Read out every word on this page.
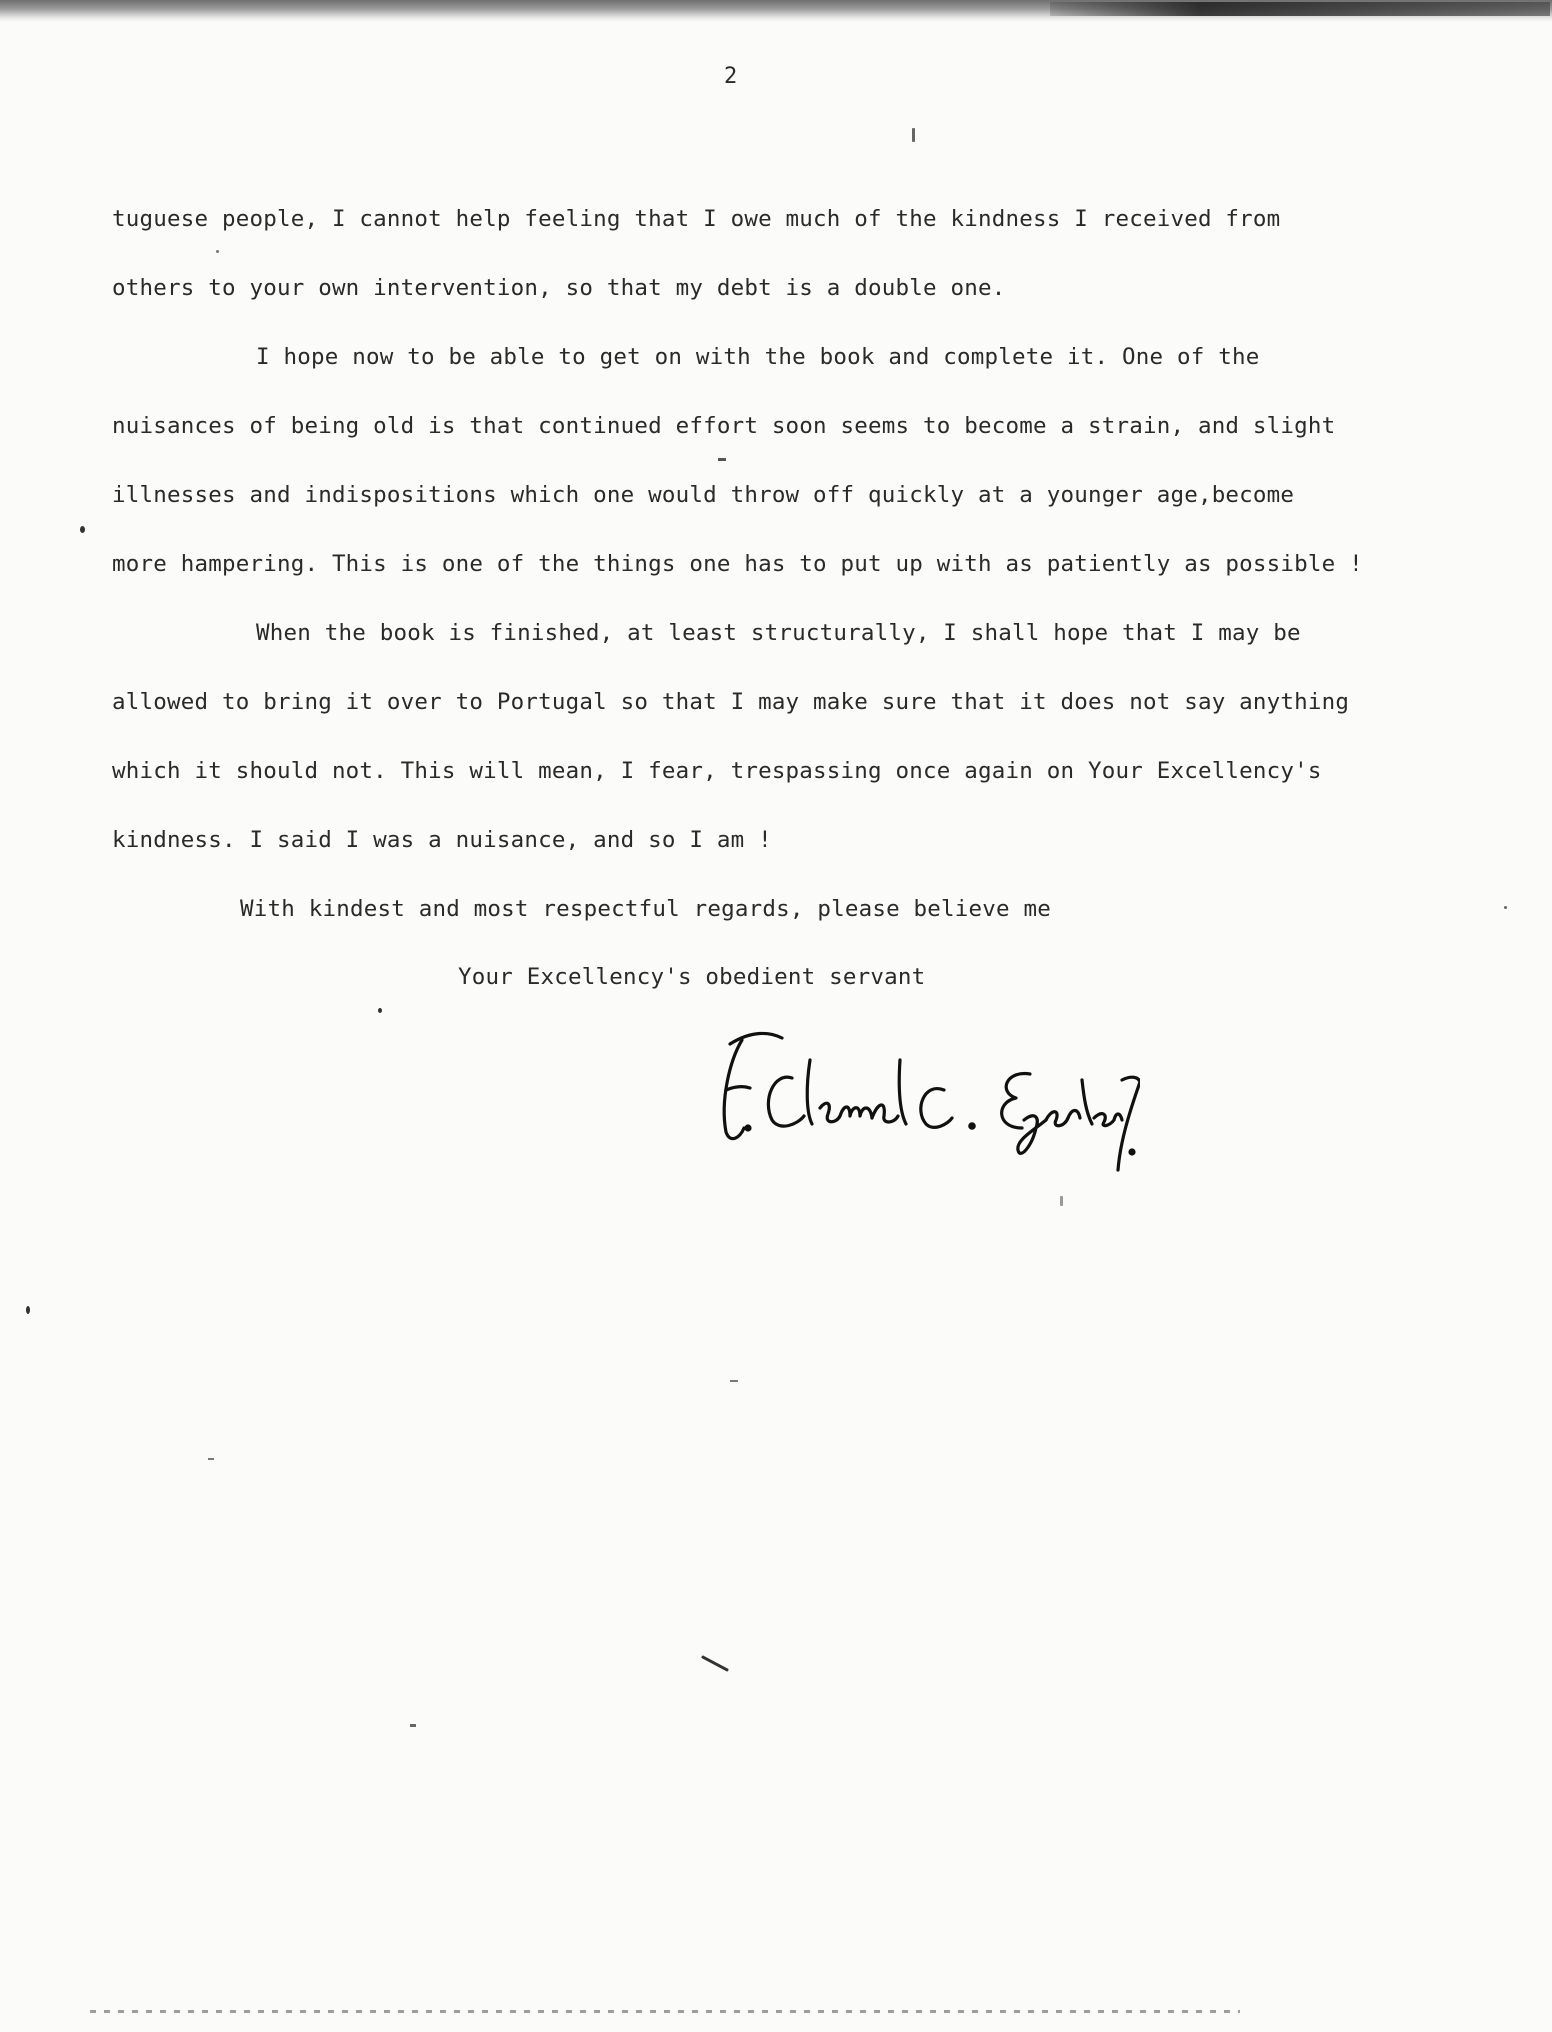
2
tuguese people, I cannot help feeling that I owe much of the kindness I received from
others to your own intervention, so that my debt is a double one.
I hope now to be able to get on with the book and complete it. One of the
nuisances of being old is that continued effort soon seems to become a strain, and slight
illnesses and indispositions which one would throw off quickly at a younger age,become
more hampering. This is one of the things one has to put up with as patiently as possible !
When the book is finished, at least structurally, I shall hope that I may be
allowed to bring it over to Portugal so that I may make sure that it does not say anything
which it should not. This will mean, I fear, trespassing once again on Your Excellency's
kindness. I said I was a nuisance, and so I am !
With kindest and most respectful regards, please believe me
Your Excellency's obedient servant
